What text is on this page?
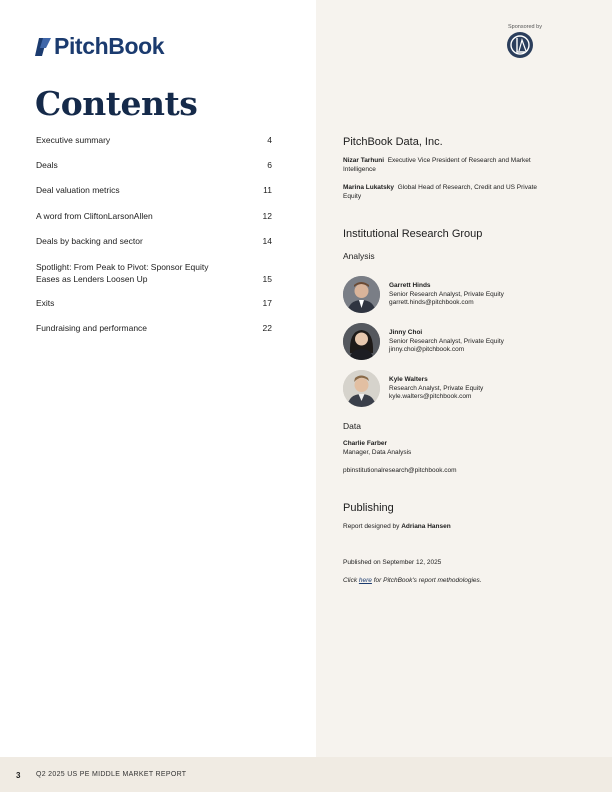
PitchBook
Contents
Executive summary	4
Deals	6
Deal valuation metrics	11
A word from CliftonLarsonAllen	12
Deals by backing and sector	14
Spotlight: From Peak to Pivot: Sponsor Equity Eases as Lenders Loosen Up	15
Exits	17
Fundraising and performance	22
Sponsored by
PitchBook Data, Inc.
Nizar Tarhuni Executive Vice President of Research and Market Intelligence
Marina Lukatsky Global Head of Research, Credit and US Private Equity
Institutional Research Group
Analysis
Garrett Hinds
Senior Research Analyst, Private Equity
garrett.hinds@pitchbook.com
Jinny Choi
Senior Research Analyst, Private Equity
jinny.choi@pitchbook.com
Kyle Walters
Research Analyst, Private Equity
kyle.walters@pitchbook.com
Data
Charlie Farber
Manager, Data Analysis
pbinstitutionalresearch@pitchbook.com
Publishing
Report designed by Adriana Hansen
Published on September 12, 2025
Click here for PitchBook's report methodologies.
3 Q2 2025 US PE MIDDLE MARKET REPORT
